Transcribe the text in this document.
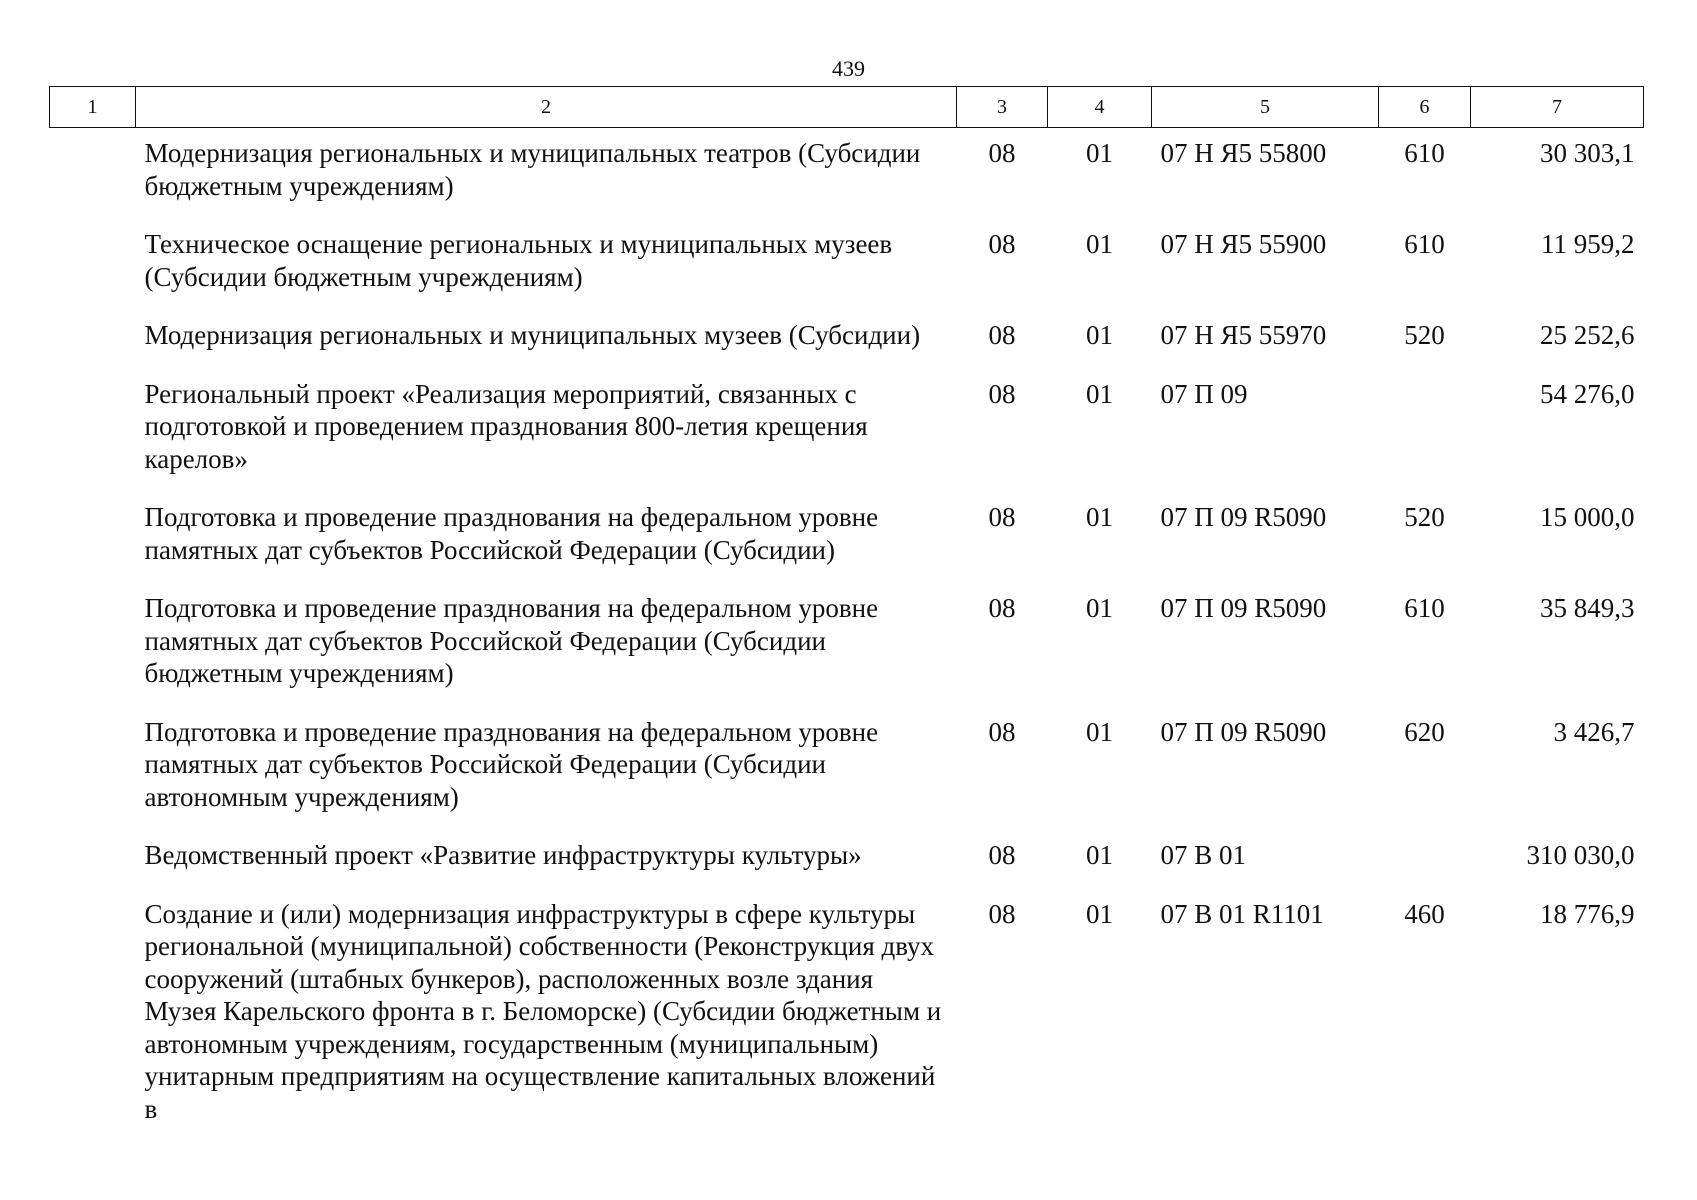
439
1	2	3	4	5	6	7
	Модернизация региональных и муниципальных театров (Субсидии бюджетным учреждениям)	08	01	07 Н Я5 55800	610	30 303,1
	Техническое оснащение региональных и муниципальных музеев (Субсидии бюджетным учреждениям)	08	01	07 Н Я5 55900	610	11 959,2
	Модернизация региональных и муниципальных музеев (Субсидии)	08	01	07 Н Я5 55970	520	25 252,6
	Региональный проект «Реализация мероприятий, связанных с подготовкой и проведением празднования 800-летия крещения карелов»	08	01	07 П 09		54 276,0
	Подготовка и проведение празднования на федеральном уровне памятных дат субъектов Российской Федерации (Субсидии)	08	01	07 П 09 R5090	520	15 000,0
	Подготовка и проведение празднования на федеральном уровне памятных дат субъектов Российской Федерации (Субсидии бюджетным учреждениям)	08	01	07 П 09 R5090	610	35 849,3
	Подготовка и проведение празднования на федеральном уровне памятных дат субъектов Российской Федерации (Субсидии автономным учреждениям)	08	01	07 П 09 R5090	620	3 426,7
	Ведомственный проект «Развитие инфраструктуры культуры»	08	01	07 В 01		310 030,0
	Создание и (или) модернизация инфраструктуры в сфере культуры региональной (муниципальной) собственности (Реконструкция двух сооружений (штабных бункеров), расположенных возле здания Музея Карельского фронта в г. Беломорске) (Субсидии бюджетным и автономным учреждениям, государственным (муниципальным) унитарным предприятиям на осуществление капитальных вложений в	08	01	07 В 01 R1101	460	18 776,9
